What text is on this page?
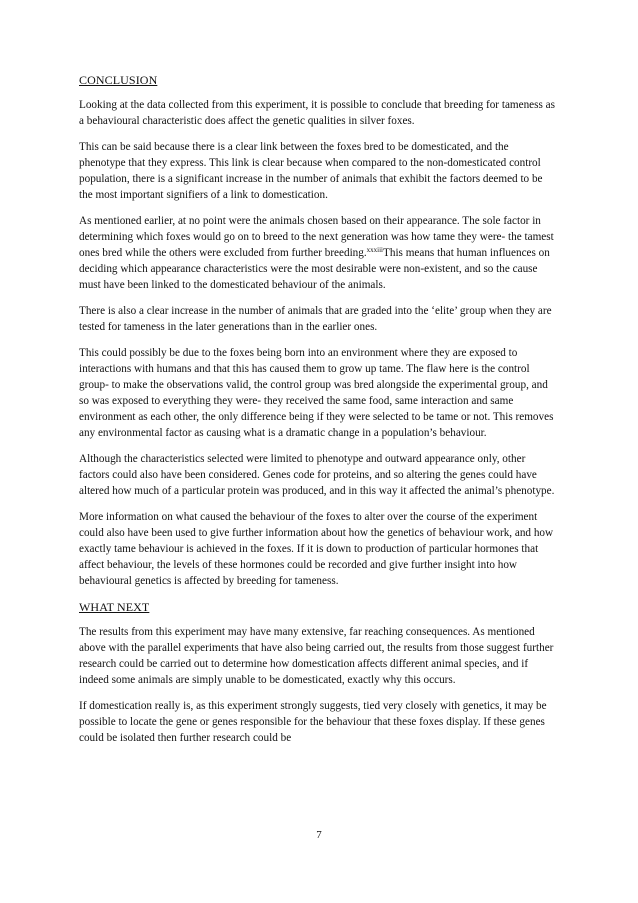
CONCLUSION

Looking at the data collected from this experiment, it is possible to conclude that breeding for tameness as a behavioural characteristic does affect the genetic qualities in silver foxes.

This can be said because there is a clear link between the foxes bred to be domesticated, and the phenotype that they express. This link is clear because when compared to the non-domesticated control population, there is a significant increase in the number of animals that exhibit the factors deemed to be the most important signifiers of a link to domestication.

As mentioned earlier, at no point were the animals chosen based on their appearance. The sole factor in determining which foxes would go on to breed to the next generation was how tame they were- the tamest ones bred while the others were excluded from further breeding.$^{xxxiii}$This means that human influences on deciding which appearance characteristics were the most desirable were non-existent, and so the cause must have been linked to the domesticated behaviour of the animals.

There is also a clear increase in the number of animals that are graded into the ‘elite’ group when they are tested for tameness in the later generations than in the earlier ones.

This could possibly be due to the foxes being born into an environment where they are exposed to interactions with humans and that this has caused them to grow up tame. The flaw here is the control group- to make the observations valid, the control group was bred alongside the experimental group, and so was exposed to everything they were- they received the same food, same interaction and same environment as each other, the only difference being if they were selected to be tame or not. This removes any environmental factor as causing what is a dramatic change in a population’s behaviour.

Although the characteristics selected were limited to phenotype and outward appearance only, other factors could also have been considered. Genes code for proteins, and so altering the genes could have altered how much of a particular protein was produced, and in this way it affected the animal’s phenotype.

More information on what caused the behaviour of the foxes to alter over the course of the experiment could also have been used to give further information about how the genetics of behaviour work, and how exactly tame behaviour is achieved in the foxes. If it is down to production of particular hormones that affect behaviour, the levels of these hormones could be recorded and give further insight into how behavioural genetics is affected by breeding for tameness.

WHAT NEXT

The results from this experiment may have many extensive, far reaching consequences. As mentioned above with the parallel experiments that have also being carried out, the results from those suggest further research could be carried out to determine how domestication affects different animal species, and if indeed some animals are simply unable to be domesticated, exactly why this occurs.

If domestication really is, as this experiment strongly suggests, tied very closely with genetics, it may be possible to locate the gene or genes responsible for the behaviour that these foxes display. If these genes could be isolated then further research could be

7
